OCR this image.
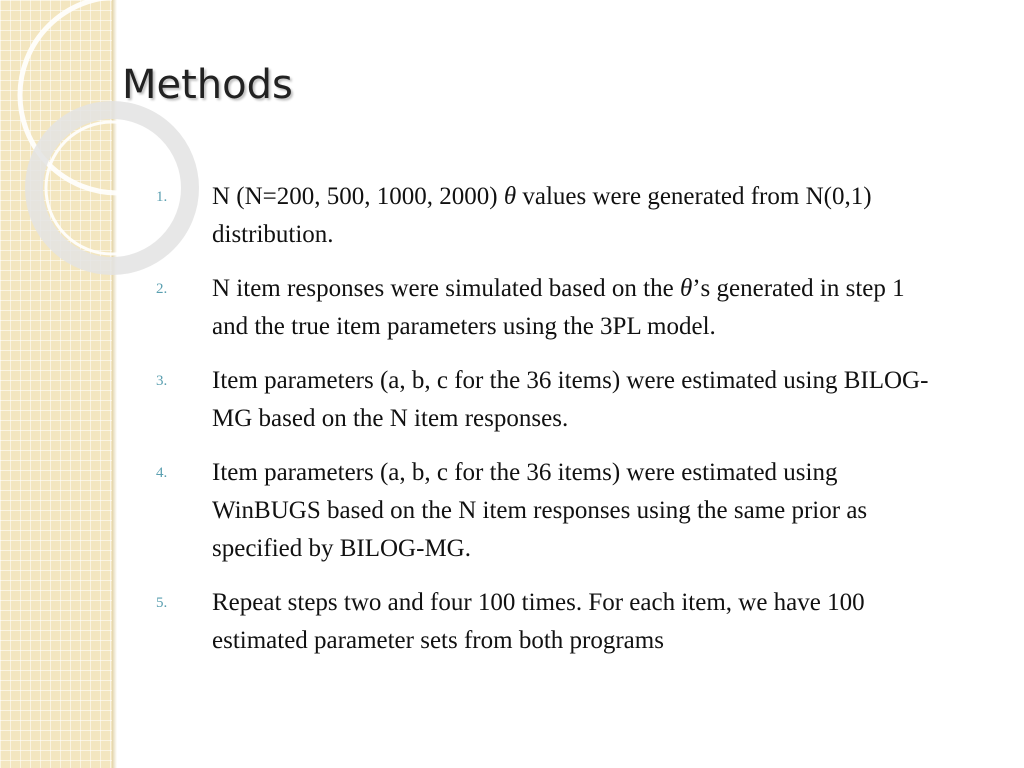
Methods
1.	N (N=200, 500, 1000, 2000) θ values were generated from N(0,1) distribution.
2.	N item responses were simulated based on the θ’s generated in step 1 and the true item parameters using the 3PL model.
3.	Item parameters (a, b, c for the 36 items) were estimated using BILOG-MG based on the N item responses.
4.	Item parameters (a, b, c for the 36 items) were estimated using WinBUGS based on the N item responses using the same prior as specified by BILOG-MG.
5.	Repeat steps two and four 100 times. For each item, we have 100 estimated parameter sets from both programs
